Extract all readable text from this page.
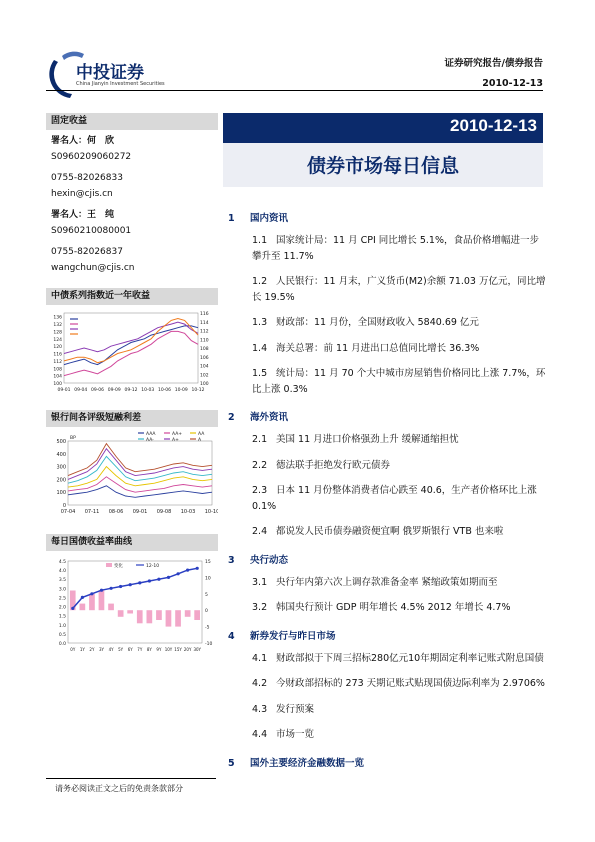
中投证券
China Jianyin Investment Securities
证券研究报告/债券报告
2010-12-13
固定收益
署名人：何　欣
S0960209060272
0755-82026833
hexin@cjis.cn
署名人：王　纯
S0960210080001
0755-82026837
wangchun@cjis.cn
中债系列指数近一年收益
100
104
108
112
116
120
124
128
132
136
100
102
104
106
108
110
112
114
116
09-01 09-04 09-06 09-09 09-12 10-03 10-06 10-09 10-12
银行间各评级短融利差
BP
0
100
200
300
400
500
07-04 07-11 08-06 09-01 09-08 10-03 10-10
AAA	AA+	AA
AA-	A+	A
每日国债收益率曲线
0.0
0.5
1.0
1.5
2.0
2.5
3.0
3.5
4.0
4.5
-10
-5
0
5
10
15
0Y 1Y 2Y 3Y 4Y 5Y 6Y 7Y 8Y 9Y 10Y 15Y 20Y 30Y
变化	12-10
2010-12-13
债券市场每日信息
1 国内资讯
1.1 国家统计局：11 月 CPI 同比增长 5.1%，食品价格增幅进一步攀升至 11.7%
1.2 人民银行：11 月末，广义货币(M2)余额 71.03 万亿元，同比增长 19.5%
1.3 财政部：11 月份，全国财政收入 5840.69 亿元
1.4 海关总署：前 11 月进出口总值同比增长 36.3%
1.5 统计局：11 月 70 个大中城市房屋销售价格同比上涨 7.7%，环比上涨 0.3%
2 海外资讯
2.1 美国 11 月进口价格强劲上升 缓解通缩担忧
2.2 德法联手拒绝发行欧元债券
2.3 日本 11 月份整体消费者信心跌至 40.6，生产者价格环比上涨 0.1%
2.4 都说发人民币债券融资便宜啊 俄罗斯银行 VTB 也来啦
3 央行动态
3.1 央行年内第六次上调存款准备金率 紧缩政策如期而至
3.2 韩国央行预计 GDP 明年增长 4.5% 2012 年增长 4.7%
4 新券发行与昨日市场
4.1 财政部拟于下周三招标280亿元10年期固定利率记账式附息国债
4.2 今财政部招标的 273 天期记账式贴现国债边际利率为 2.9706%
4.3 发行预案
4.4 市场一览
5 国外主要经济金融数据一览
请务必阅读正文之后的免责条款部分
